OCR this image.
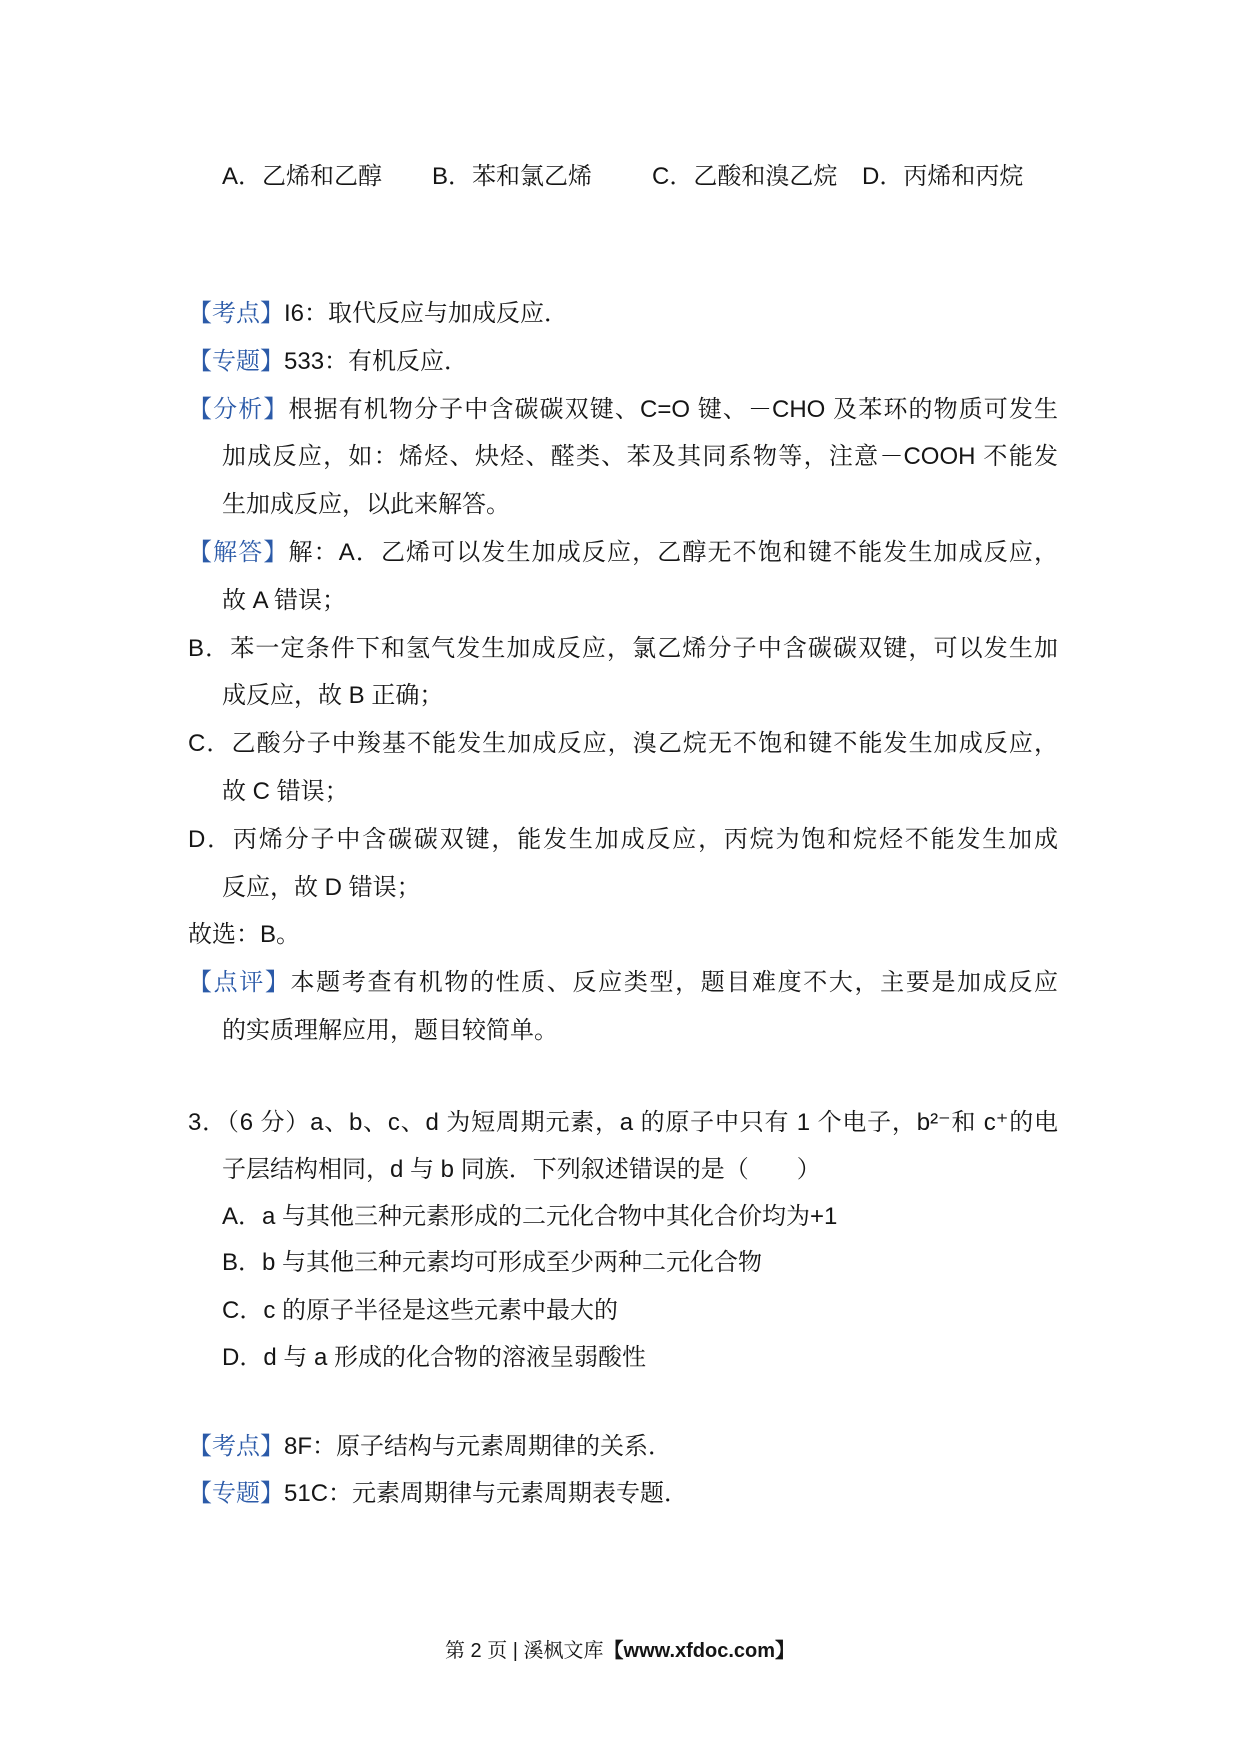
A．乙烯和乙醇 B．苯和氯乙烯 C．乙酸和溴乙烷 D．丙烯和丙烷
【考点】I6：取代反应与加成反应．
【专题】533：有机反应．
【分析】根据有机物分子中含碳碳双键、C=O 键、－CHO 及苯环的物质可发生
加成反应，如：烯烃、炔烃、醛类、苯及其同系物等，注意－COOH 不能发
生加成反应，以此来解答。
【解答】解：A．乙烯可以发生加成反应，乙醇无不饱和键不能发生加成反应，
故 A 错误；
B．苯一定条件下和氢气发生加成反应，氯乙烯分子中含碳碳双键，可以发生加
成反应，故 B 正确；
C．乙酸分子中羧基不能发生加成反应，溴乙烷无不饱和键不能发生加成反应，
故 C 错误；
D．丙烯分子中含碳碳双键，能发生加成反应，丙烷为饱和烷烃不能发生加成
反应，故 D 错误；
故选：B。
【点评】本题考查有机物的性质、反应类型，题目难度不大，主要是加成反应
的实质理解应用，题目较简单。
3．（6 分）a、b、c、d 为短周期元素，a 的原子中只有 1 个电子，b²⁻和 c⁺的电
子层结构相同，d 与 b 同族．下列叙述错误的是（　　）
A．a 与其他三种元素形成的二元化合物中其化合价均为+1
B．b 与其他三种元素均可形成至少两种二元化合物
C．c 的原子半径是这些元素中最大的
D．d 与 a 形成的化合物的溶液呈弱酸性
【考点】8F：原子结构与元素周期律的关系．
【专题】51C：元素周期律与元素周期表专题．
第 2 页 | 溪枫文库【www.xfdoc.com】
